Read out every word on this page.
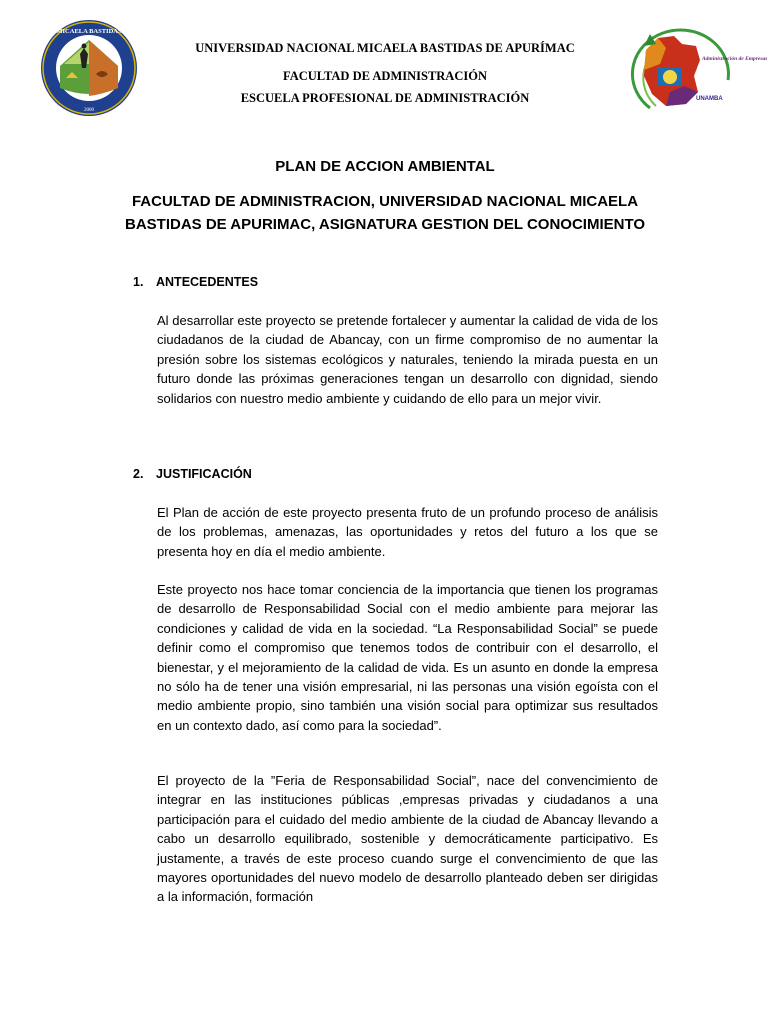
MICAELA BASTIDAS
2000
UNIVERSIDAD NACIONAL MICAELA BASTIDAS DE APURÍMAC
FACULTAD DE ADMINISTRACIÓN
ESCUELA PROFESIONAL DE ADMINISTRACIÓN
Administración de Empresas
UNAMBA
PLAN DE ACCION AMBIENTAL
FACULTAD DE ADMINISTRACION, UNIVERSIDAD NACIONAL MICAELA BASTIDAS DE APURIMAC, ASIGNATURA GESTION DEL CONOCIMIENTO
1. ANTECEDENTES

Al desarrollar este proyecto se pretende fortalecer y aumentar la calidad de vida de los ciudadanos de la ciudad de Abancay, con un firme compromiso de no aumentar la presión sobre los sistemas ecológicos y naturales, teniendo la mirada puesta en un futuro donde las próximas generaciones tengan un desarrollo con dignidad, siendo solidarios con nuestro medio ambiente y cuidando de ello para un mejor vivir.

2. JUSTIFICACIÓN

El Plan de acción de este proyecto presenta fruto de un profundo proceso de análisis de los problemas, amenazas, las oportunidades y retos del futuro a los que se presenta hoy en día el medio ambiente.

Este proyecto nos hace tomar conciencia de la importancia que tienen los programas de desarrollo de Responsabilidad Social con el medio ambiente para mejorar las condiciones y calidad de vida en la sociedad. “La Responsabilidad Social” se puede definir como el compromiso que tenemos todos de contribuir con el desarrollo, el bienestar, y el mejoramiento de la calidad de vida. Es un asunto en donde la empresa no sólo ha de tener una visión empresarial, ni las personas una visión egoísta con el medio ambiente propio, sino también una visión social para optimizar sus resultados en un contexto dado, así como para la sociedad”.

El proyecto de la ”Feria de Responsabilidad Social”, nace del convencimiento de integrar en las instituciones públicas ,empresas privadas y ciudadanos a una participación para el cuidado del medio ambiente de la ciudad de Abancay llevando a cabo un desarrollo equilibrado, sostenible y democráticamente participativo. Es justamente, a través de este proceso cuando surge el convencimiento de que las mayores oportunidades del nuevo modelo de desarrollo planteado deben ser dirigidas a la información, formación
